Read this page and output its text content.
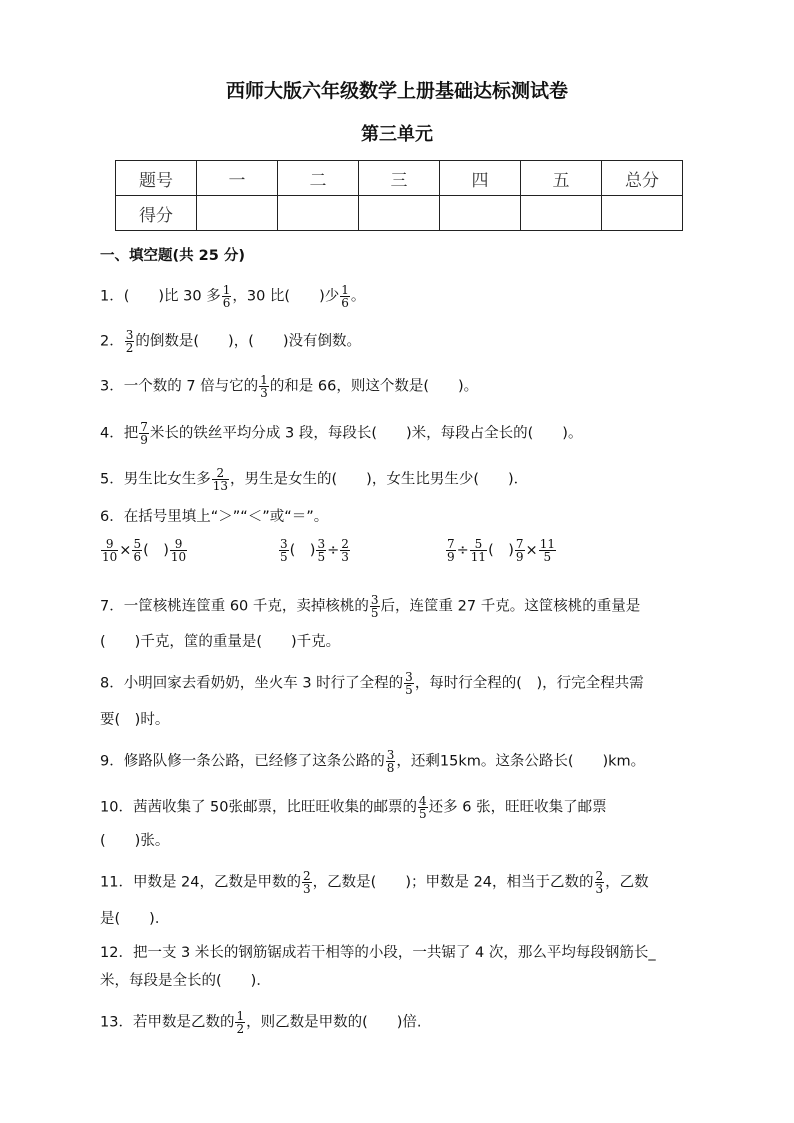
西师大版六年级数学上册基础达标测试卷
第三单元
题号	一	二	三	四	五	总分
得分						
一、填空题(共 25 分)
1．(　　)比 30 多 $\frac{1}{6}$ ，30 比(　　)少 $\frac{1}{6}$ 。
2． $\frac{3}{2}$ 的倒数是(　　)，(　　)没有倒数。
3．一个数的 7 倍与它的 $\frac{1}{3}$ 的和是 66，则这个数是(　　)。
4．把 $\frac{7}{9}$ 米长的铁丝平均分成 3 段，每段长(　　)米，每段占全长的(　　)。
5．男生比女生多 $\frac{2}{13}$ ，男生是女生的(　　)，女生比男生少(　　)．
6．在括号里填上“＞”“＜”或“＝”。
$\frac{9}{10} \times \frac{5}{6}$ (　) $\frac{9}{10}$	$\frac{3}{5}$ (　) $\frac{3}{5} \div \frac{2}{3}$	$\frac{7}{9} \div \frac{5}{11}$ (　) $\frac{7}{9} \times \frac{11}{5}$
7．一筐核桃连筐重 60 千克，卖掉核桃的 $\frac{3}{5}$ 后，连筐重 27 千克。这筐核桃的重量是
(　　)千克，筐的重量是(　　)千克。
8．小明回家去看奶奶，坐火车 3 时行了全程的 $\frac{3}{5}$ ，每时行全程的(　)，行完全程共需
要(　)时。
9．修路队修一条公路，已经修了这条公路的 $\frac{3}{8}$ ，还剩15km。这条公路长(　　)km。
10．茜茜收集了 50张邮票，比旺旺收集的邮票的 $\frac{4}{5}$ 还多 6 张，旺旺收集了邮票
(　　)张。
11．甲数是 24，乙数是甲数的 $\frac{2}{3}$ ，乙数是(　　)；甲数是 24，相当于乙数的 $\frac{2}{3}$ ，乙数
是(　　)．
12．把一支 3 米长的钢筋锯成若干相等的小段，一共锯了 4 次，那么平均每段钢筋长_
米，每段是全长的(　　)．
13．若甲数是乙数的 $\frac{1}{2}$ ，则乙数是甲数的(　　)倍.
